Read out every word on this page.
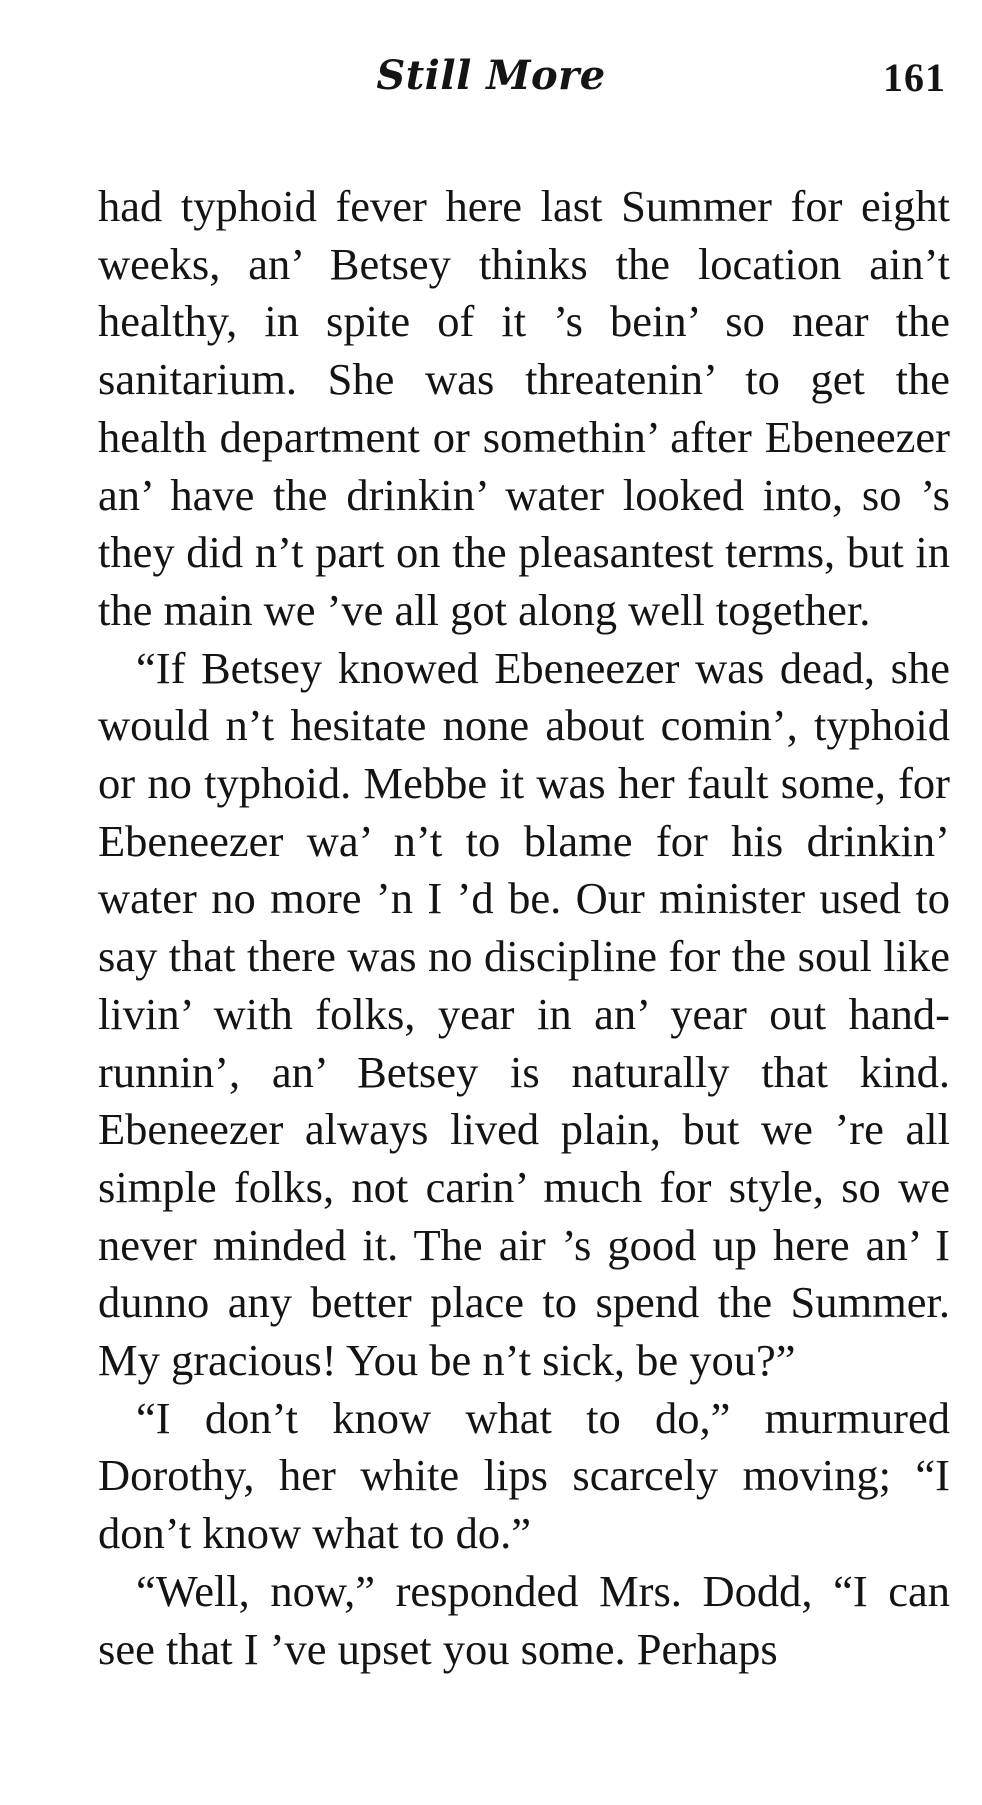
Still More	161

had typhoid fever here last Summer for eight weeks, an’ Betsey thinks the location ain’t healthy, in spite of it ’s bein’ so near the sanitarium. She was threatenin’ to get the health department or somethin’ after Ebeneezer an’ have the drinkin’ water looked into, so ’s they did n’t part on the pleasantest terms, but in the main we ’ve all got along well together.

“If Betsey knowed Ebeneezer was dead, she would n’t hesitate none about comin’, typhoid or no typhoid. Mebbe it was her fault some, for Ebeneezer wa’ n’t to blame for his drinkin’ water no more ’n I ’d be. Our minister used to say that there was no discipline for the soul like livin’ with folks, year in an’ year out hand-runnin’, an’ Betsey is naturally that kind. Ebeneezer always lived plain, but we ’re all simple folks, not carin’ much for style, so we never minded it. The air ’s good up here an’ I dunno any better place to spend the Summer. My gracious! You be n’t sick, be you?”

“I don’t know what to do,” murmured Dorothy, her white lips scarcely moving; “I don’t know what to do.”

“Well, now,” responded Mrs. Dodd, “I can see that I ’ve upset you some. Perhaps
